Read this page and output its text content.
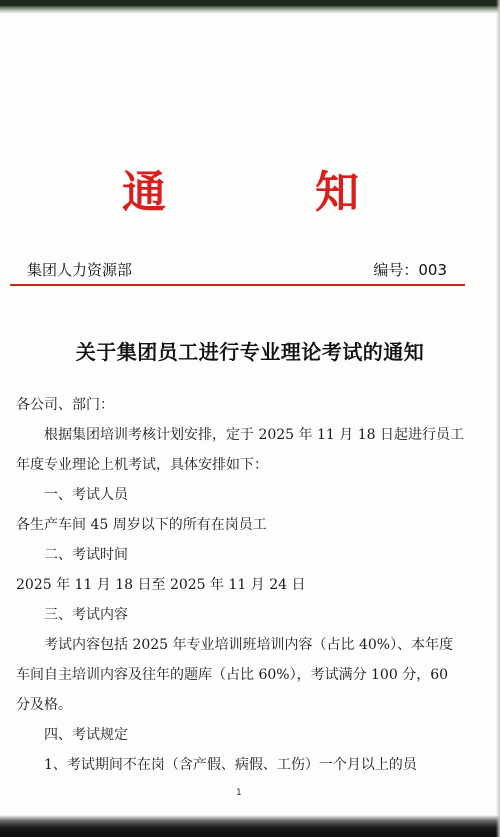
通	知
集团人力资源部	编号：003
关于集团员工进行专业理论考试的通知

各公司、部门：

根据集团培训考核计划安排，定于 2025 年 11 月 18 日起进行员工年度专业理论上机考试，具体安排如下：

一、考试人员

各生产车间 45 周岁以下的所有在岗员工

二、考试时间

2025 年 11 月 18 日至 2025 年 11 月 24 日

三、考试内容

考试内容包括 2025 年专业培训班培训内容（占比 40%）、本年度车间自主培训内容及往年的题库（占比 60%），考试满分 100 分，60 分及格。

四、考试规定

1、考试期间不在岗（含产假、病假、工伤）一个月以上的员

1
